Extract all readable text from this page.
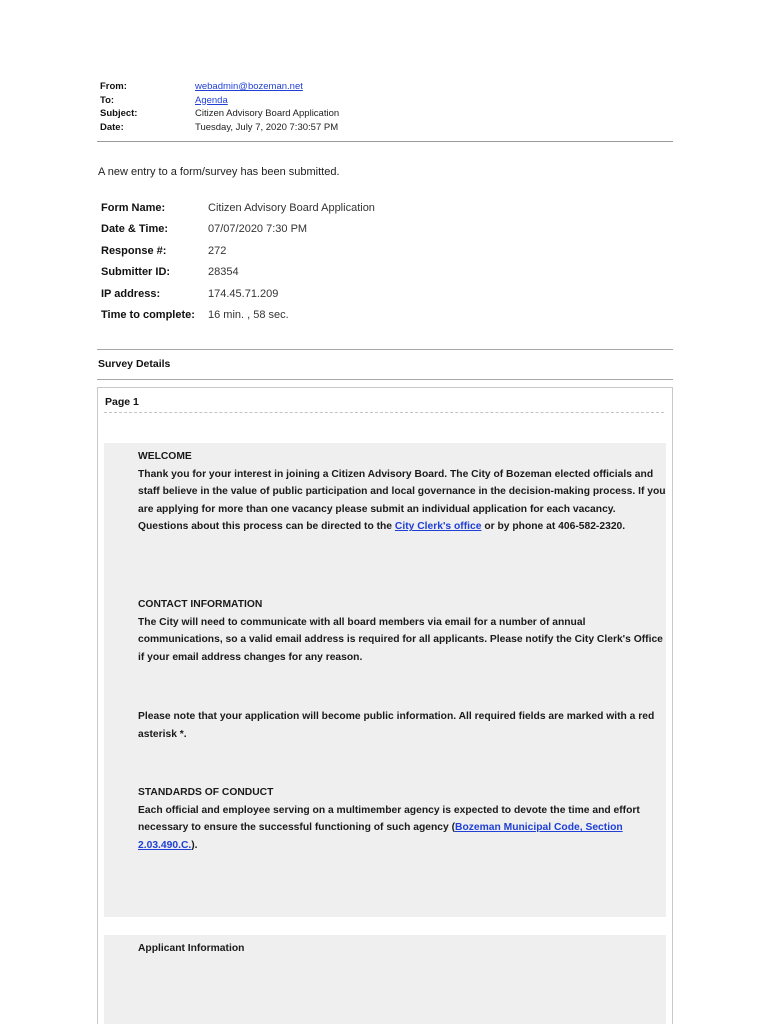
From:	webadmin@bozeman.net
To:	Agenda
Subject:	Citizen Advisory Board Application
Date:	Tuesday, July 7, 2020 7:30:57 PM
A new entry to a form/survey has been submitted.
Form Name:	Citizen Advisory Board Application
Date & Time:	07/07/2020 7:30 PM
Response #:	272
Submitter ID:	28354
IP address:	174.45.71.209
Time to complete:	16 min. , 58 sec.
Survey Details
Page 1
WELCOME
Thank you for your interest in joining a Citizen Advisory Board. The City of Bozeman elected officials and staff believe in the value of public participation and local governance in the decision-making process. If you are applying for more than one vacancy please submit an individual application for each vacancy. Questions about this process can be directed to the City Clerk's office or by phone at 406-582-2320.
CONTACT INFORMATION
The City will need to communicate with all board members via email for a number of annual communications, so a valid email address is required for all applicants. Please notify the City Clerk's Office if your email address changes for any reason.
Please note that your application will become public information. All required fields are marked with a red asterisk *.
STANDARDS OF CONDUCT
Each official and employee serving on a multimember agency is expected to devote the time and effort necessary to ensure the successful functioning of such agency (Bozeman Municipal Code, Section 2.03.490.C.).
Applicant Information
